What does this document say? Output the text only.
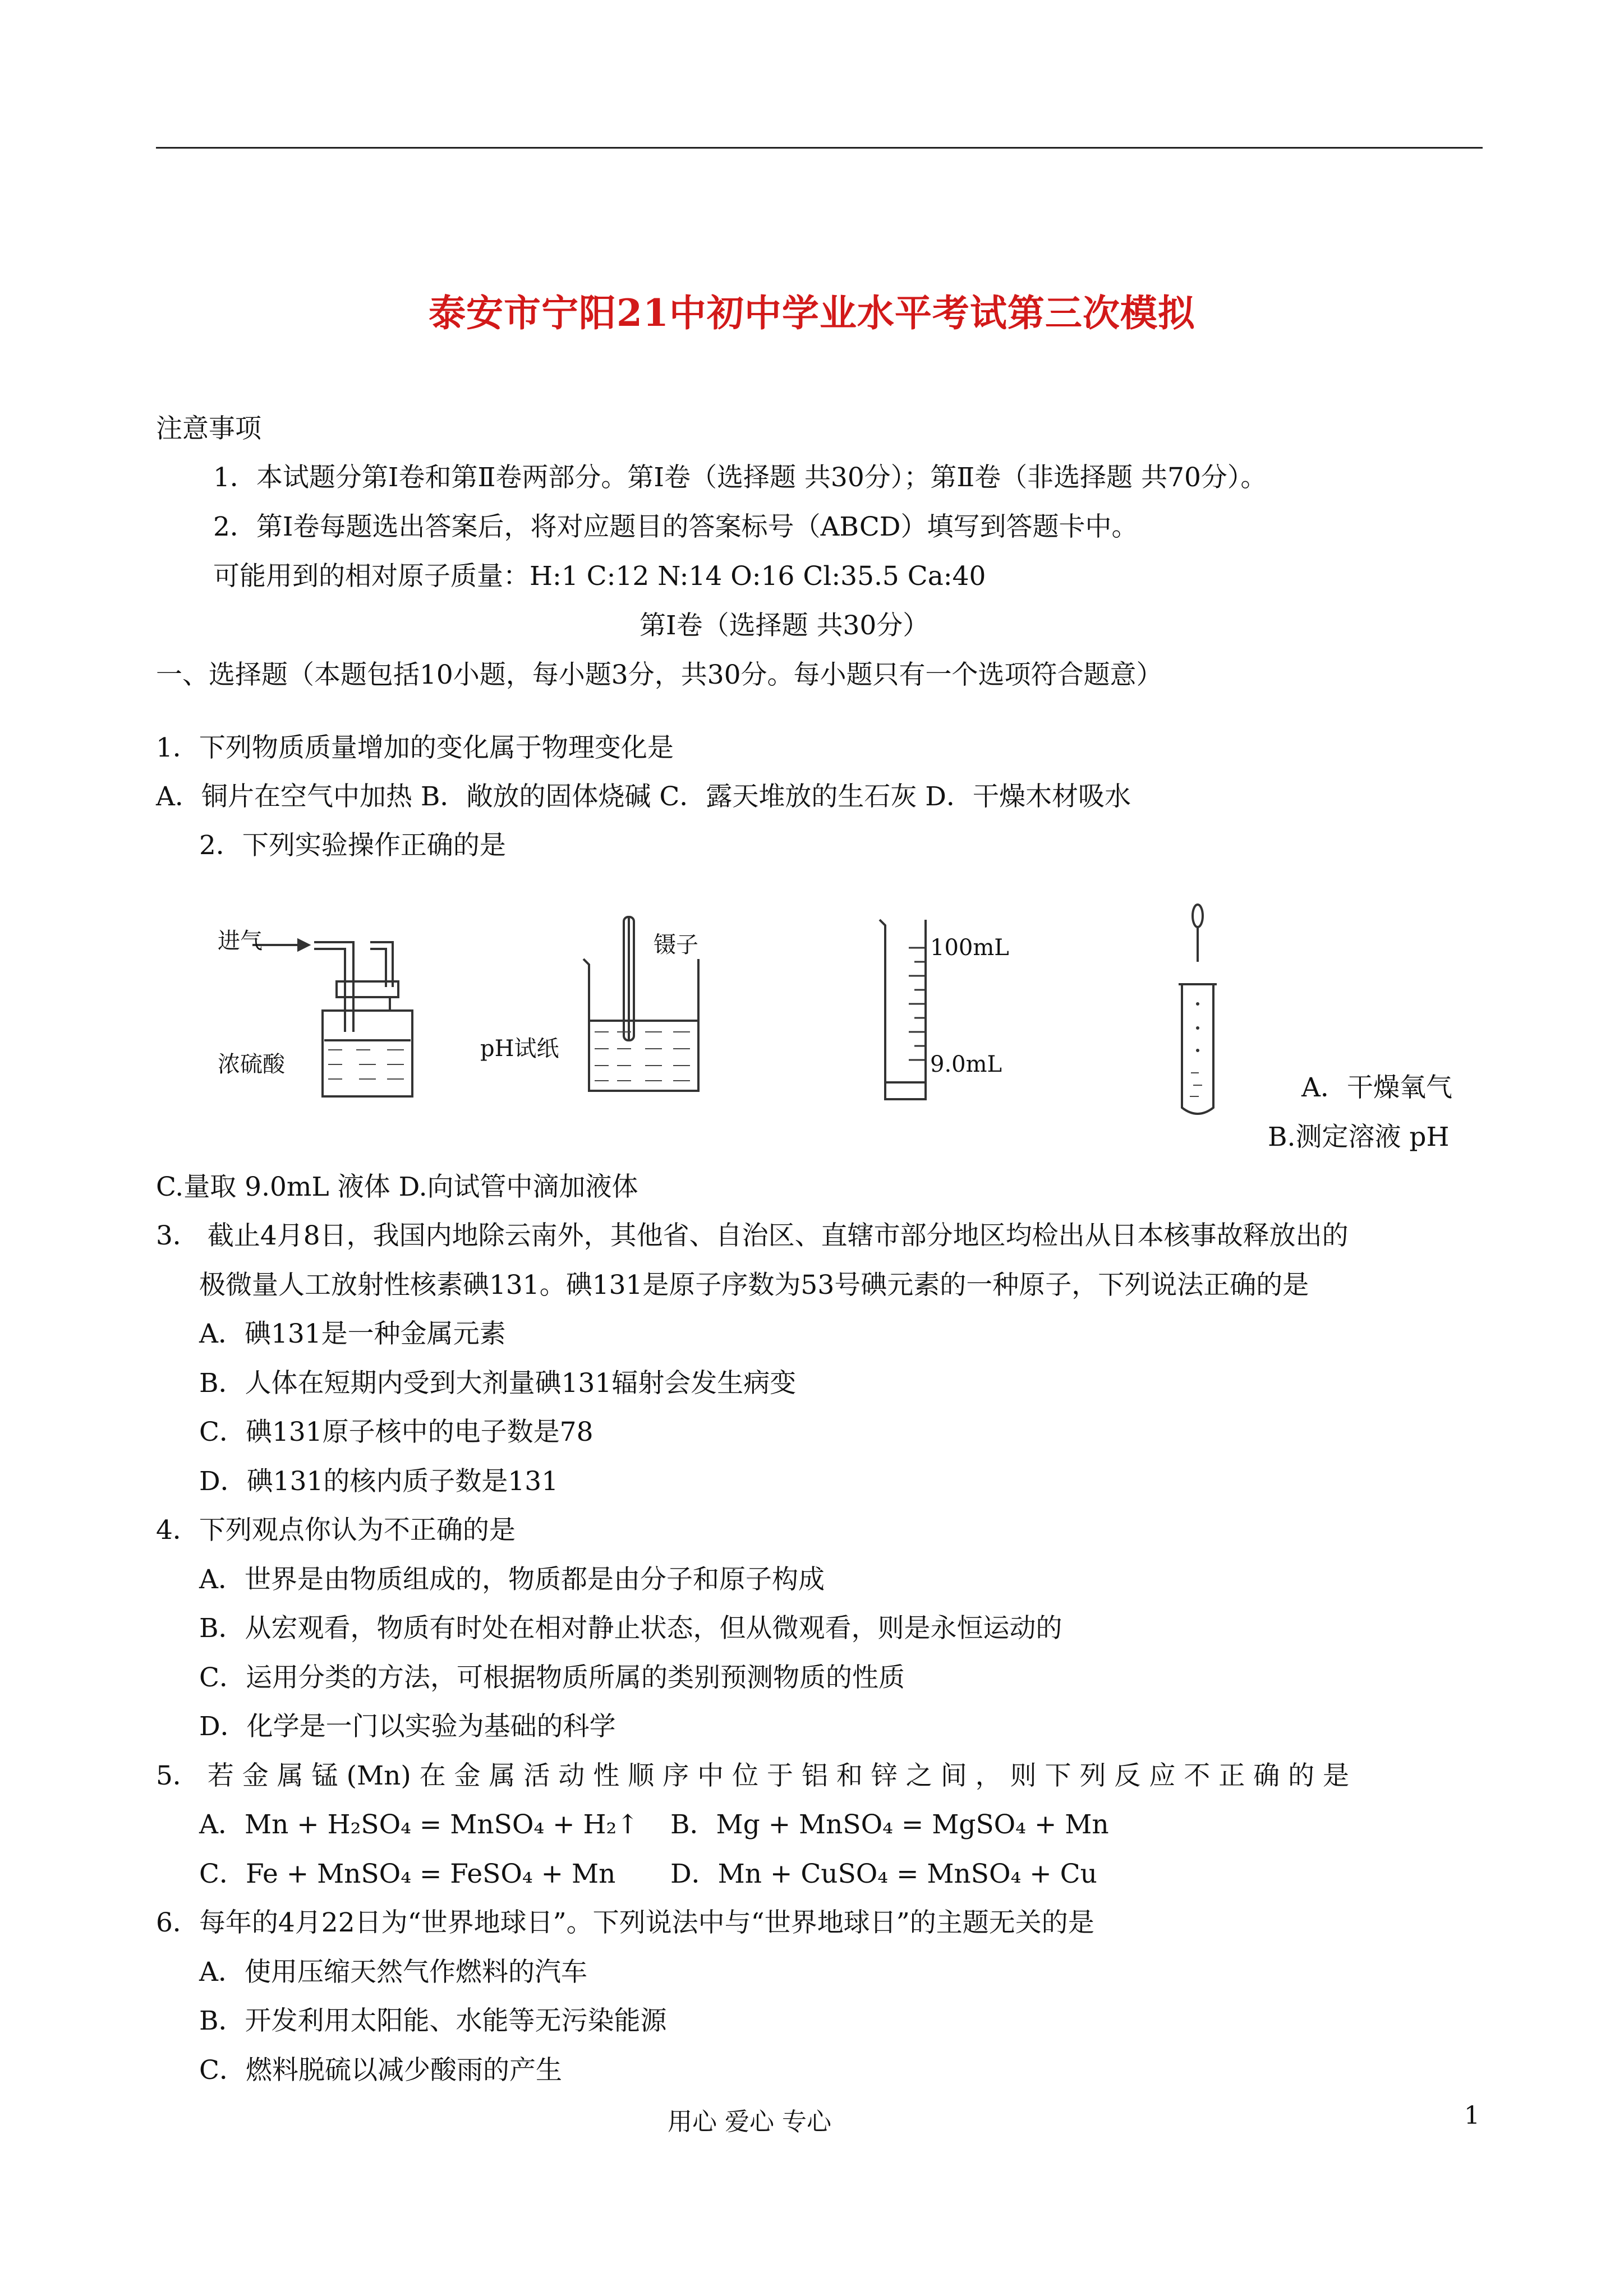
泰安市宁阳21中初中学业水平考试第三次模拟
注意事项
1．本试题分第Ⅰ卷和第Ⅱ卷两部分。第Ⅰ卷（选择题 共30分）；第Ⅱ卷（非选择题 共70分）。
2．第Ⅰ卷每题选出答案后，将对应题目的答案标号（ABCD）填写到答题卡中。
可能用到的相对原子质量：H:1 C:12 N:14 O:16 Cl:35.5 Ca:40
第Ⅰ卷（选择题 共30分）
一、选择题（本题包括10小题，每小题3分，共30分。每小题只有一个选项符合题意）
1．下列物质质量增加的变化属于物理变化是
A．铜片在空气中加热 B．敞放的固体烧碱 C．露天堆放的生石灰 D．干燥木材吸水
2．下列实验操作正确的是
进气
浓硫酸
镊子
pH试纸
100mL
9.0mL
A．干燥氧气
B.测定溶液 pH
C.量取 9.0mL 液体 D.向试管中滴加液体
3． 截止4月8日，我国内地除云南外，其他省、自治区、直辖市部分地区均检出从日本核事故释放出的
极微量人工放射性核素碘131。碘131是原子序数为53号碘元素的一种原子，下列说法正确的是
A．碘131是一种金属元素
B．人体在短期内受到大剂量碘131辐射会发生病变
C．碘131原子核中的电子数是78
D．碘131的核内质子数是131
4．下列观点你认为不正确的是
A．世界是由物质组成的，物质都是由分子和原子构成
B．从宏观看，物质有时处在相对静止状态，但从微观看，则是永恒运动的
C．运用分类的方法，可根据物质所属的类别预测物质的性质
D．化学是一门以实验为基础的科学
5． 若 金 属 锰 (Mn) 在 金 属 活 动 性 顺 序 中 位 于 铝 和 锌 之 间 ， 则 下 列 反 应 不 正 确 的 是
A．Mn + H₂SO₄ = MnSO₄ + H₂↑ B．Mg + MnSO₄ = MgSO₄ + Mn
C．Fe + MnSO₄ = FeSO₄ + Mn D．Mn + CuSO₄ = MnSO₄ + Cu
6．每年的4月22日为“世界地球日”。下列说法中与“世界地球日”的主题无关的是
A．使用压缩天然气作燃料的汽车
B．开发利用太阳能、水能等无污染能源
C．燃料脱硫以减少酸雨的产生
用心 爱心 专心	1
